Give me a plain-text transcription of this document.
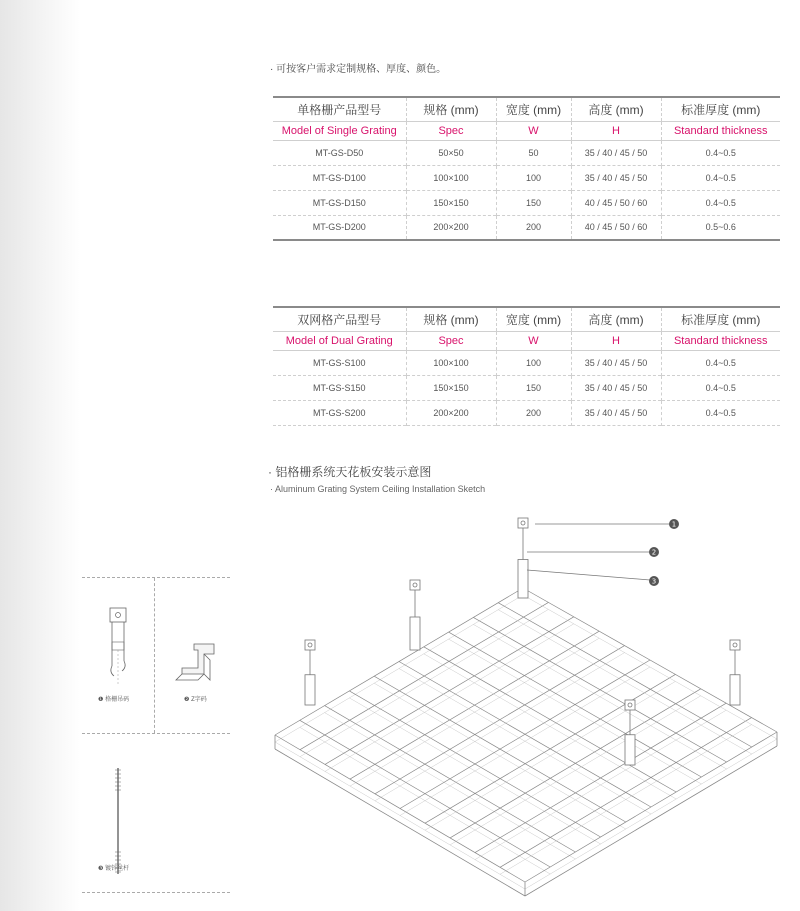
· 可按客户需求定制规格、厚度、颜色。
单格栅产品型号	规格 (mm)	宽度 (mm)	高度 (mm)	标准厚度 (mm)
Model of Single Grating	Spec	W	H	Standard thickness
MT-GS-D50	50×50	50	35 / 40 / 45 / 50	0.4~0.5
MT-GS-D100	100×100	100	35 / 40 / 45 / 50	0.4~0.5
MT-GS-D150	150×150	150	40 / 45 / 50 / 60	0.4~0.5
MT-GS-D200	200×200	200	40 / 45 / 50 / 60	0.5~0.6
双网格产品型号	规格 (mm)	宽度 (mm)	高度 (mm)	标准厚度 (mm)
Model of Dual Grating	Spec	W	H	Standard thickness
MT-GS-S100	100×100	100	35 / 40 / 45 / 50	0.4~0.5
MT-GS-S150	150×150	150	35 / 40 / 45 / 50	0.4~0.5
MT-GS-S200	200×200	200	35 / 40 / 45 / 50	0.4~0.5
· 铝格栅系统天花板安装示意图
· Aluminum Grating System Ceiling Installation Sketch
❶ 格栅吊码	❷ Z字码
❸ 镀锌丝杆
1
2
3
